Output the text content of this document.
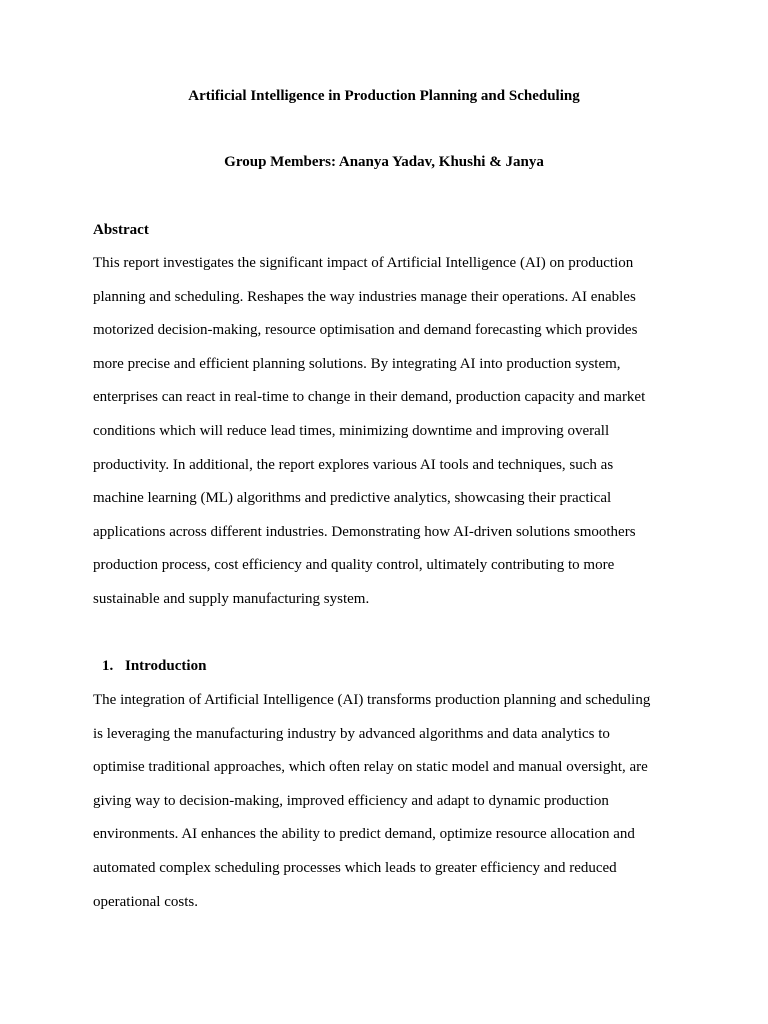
Artificial Intelligence in Production Planning and Scheduling
Group Members: Ananya Yadav, Khushi & Janya
Abstract
This report investigates the significant impact of Artificial Intelligence (AI) on production
planning and scheduling. Reshapes the way industries manage their operations. AI enables
motorized decision-making, resource optimisation and demand forecasting which provides
more precise and efficient planning solutions. By integrating AI into production system,
enterprises can react in real-time to change in their demand, production capacity and market
conditions which will reduce lead times, minimizing downtime and improving overall
productivity. In additional, the report explores various AI tools and techniques, such as
machine learning (ML) algorithms and predictive analytics, showcasing their practical
applications across different industries. Demonstrating how AI-driven solutions smoothers
production process, cost efficiency and quality control, ultimately contributing to more
sustainable and supply manufacturing system.
1. Introduction
The integration of Artificial Intelligence (AI) transforms production planning and scheduling
is leveraging the manufacturing industry by advanced algorithms and data analytics to
optimise traditional approaches, which often relay on static model and manual oversight, are
giving way to decision-making, improved efficiency and adapt to dynamic production
environments. AI enhances the ability to predict demand, optimize resource allocation and
automated complex scheduling processes which leads to greater efficiency and reduced
operational costs.
